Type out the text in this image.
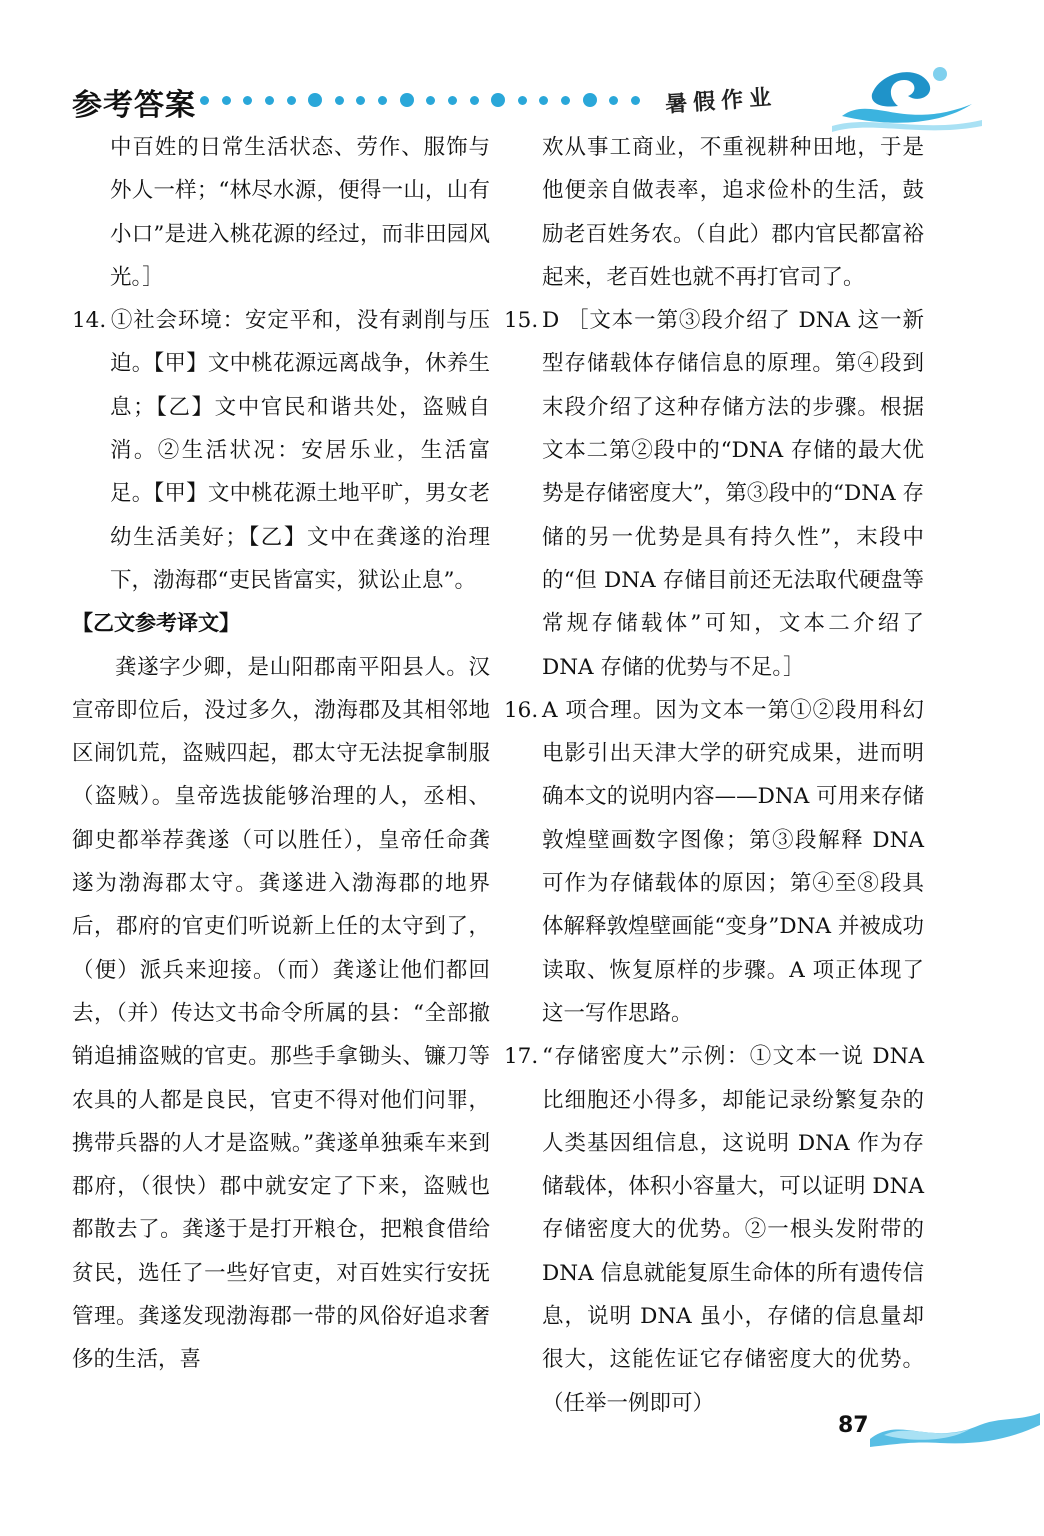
参考答案	暑假作业

中百姓的日常生活状态、劳作、服饰与外人一样；“林尽水源，便得一山，山有小口”是进入桃花源的经过，而非田园风光。］

14. ①社会环境：安定平和，没有剥削与压迫。【甲】文中桃花源远离战争，休养生息；【乙】文中官民和谐共处，盗贼自消。②生活状况：安居乐业，生活富足。【甲】文中桃花源土地平旷，男女老幼生活美好；【乙】文中在龚遂的治理下，渤海郡“吏民皆富实，狱讼止息”。

【乙文参考译文】

龚遂字少卿，是山阳郡南平阳县人。汉宣帝即位后，没过多久，渤海郡及其相邻地区闹饥荒，盗贼四起，郡太守无法捉拿制服（盗贼）。皇帝选拔能够治理的人，丞相、御史都举荐龚遂（可以胜任），皇帝任命龚遂为渤海郡太守。龚遂进入渤海郡的地界后，郡府的官吏们听说新上任的太守到了，（便）派兵来迎接。（而）龚遂让他们都回去，（并）传达文书命令所属的县：“全部撤销追捕盗贼的官吏。那些手拿锄头、镰刀等农具的人都是良民，官吏不得对他们问罪，携带兵器的人才是盗贼。”龚遂单独乘车来到郡府，（很快）郡中就安定了下来，盗贼也都散去了。龚遂于是打开粮仓，把粮食借给贫民，选任了一些好官吏，对百姓实行安抚管理。龚遂发现渤海郡一带的风俗好追求奢侈的生活，喜

欢从事工商业，不重视耕种田地，于是他便亲自做表率，追求俭朴的生活，鼓励老百姓务农。（自此）郡内官民都富裕起来，老百姓也就不再打官司了。

15. D ［文本一第③段介绍了 DNA 这一新型存储载体存储信息的原理。第④段到末段介绍了这种存储方法的步骤。根据文本二第②段中的“DNA 存储的最大优势是存储密度大”，第③段中的“DNA 存储的另一优势是具有持久性”，末段中的“但 DNA 存储目前还无法取代硬盘等常规存储载体”可知，文本二介绍了 DNA 存储的优势与不足。］

16. A 项合理。因为文本一第①②段用科幻电影引出天津大学的研究成果，进而明确本文的说明内容——DNA 可用来存储敦煌壁画数字图像；第③段解释 DNA 可作为存储载体的原因；第④至⑧段具体解释敦煌壁画能“变身”DNA 并被成功读取、恢复原样的步骤。A 项正体现了这一写作思路。

17. “存储密度大”示例：①文本一说 DNA 比细胞还小得多，却能记录纷繁复杂的人类基因组信息，这说明 DNA 作为存储载体，体积小容量大，可以证明 DNA 存储密度大的优势。②一根头发附带的 DNA 信息就能复原生命体的所有遗传信息，说明 DNA 虽小，存储的信息量却很大，这能佐证它存储密度大的优势。（任举一例即可）

87
